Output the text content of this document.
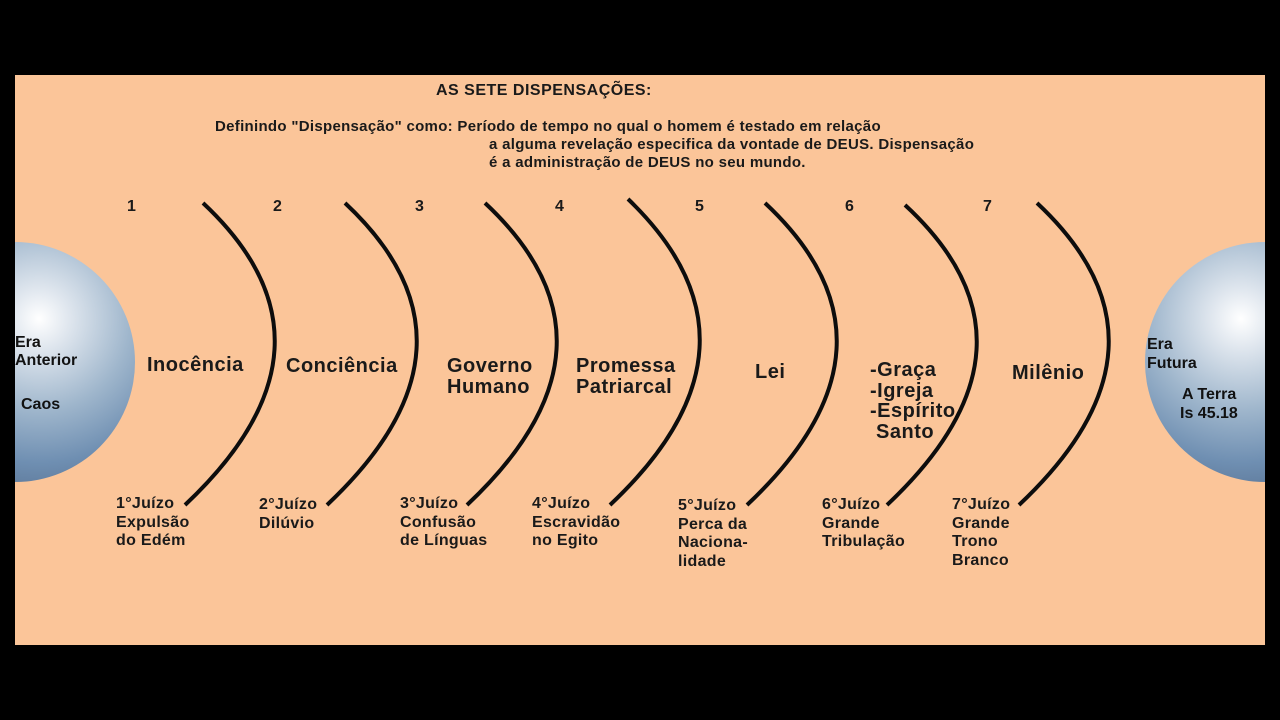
AS SETE DISPENSAÇÕES:
Definindo "Dispensação" como: Período de tempo no qual o homem é testado em relação
a alguma revelação especifica da vontade de DEUS. Dispensação
é a administração de DEUS no seu mundo.
Era
Anterior
Caos
Era
Futura
A Terra
Is 45.18
1	2	3	4	5	6	7
Inocência Conciência Governo
Humano
Promessa
Patriarcal
Lei	-Graça
-Igreja
-Espírito
Santo
Milênio
1°Juízo
Expulsão
do Edém
2°Juízo
Dilúvio
3°Juízo
Confusão
de Línguas
4°Juízo
Escravidão
no Egito
5°Juízo
Perca da
Naciona-
lidade
6°Juízo
Grande
Tribulação
7°Juízo
Grande
Trono
Branco
